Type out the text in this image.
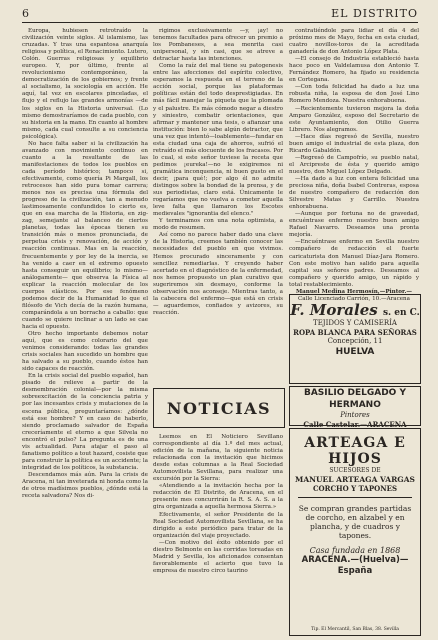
6	EL DISTRITO

Europa, hubiesen retrotraído la civilización veinte siglos. Al islamismo, las cruzadas. Y tras una espantosa anarquía religiosa y política, el Renacimiento. Lutero, Colón. Guerras religiosas y equilibrio europeo. Y, por último, frente al revolucionismo contemporáneo, la democratización de los gobiernos; y frente al socialismo, la sociología en acción. He aquí, tal vez en escolares pinceladas, el flujo y el reflujo las grandes armonías —de los siglos en la Historia universal. (Lo mismo demostraríamos de cada pueblo, con su historia en la mano. En cuanto al hombre mismo, cada cual consulte a su conciencia psicológica).

No hace falta saber si la civilización ha avanzado con movimiento continuo en cuanto a la resultante de las manifestaciones de todos los pueblos en cada período histórico; tampoco si, efectivamente, como quería Pi Margall, los retrocesos han sido pura tomar carrera; menos nos es precisa una fórmula del progreso de la civilización, tan a menudo lastimosamente confundidos lo cierto es, que en esa marcha de la Historia, en zig-zag, semejante al balanceo de ciertos planetas, todas las épocas tienen su transición más o menos pronunciada, de perpetua crisis y renovación, de acción y reacción continuas. Mas en la reacción, frecuentemente y por ley de la inercia, se ha venido a caer en el extremo opuesto hasta conseguir un equilibrio; lo mismo—análogamente— que observa la Física al explicar la reacción molecular de los cuerpos elásticos. Por ese fenómeno podemos decir de la Humanidad lo que el filósofo de Vich decía de la razón humana, comparándola a un borracho a caballo: que cuando se quiere inclinar a un lado se cae hacia el opuesto.

Otro hecho importante debemos notar aquí, que es como colorario del que venimos considerando: todas las grandes crisis sociales han sucedido un hombre que ha salvado a su pueblo, cuando éstos han sido capaces de reacción.

En la crisis social del pueblo español, han pisado de relieve a partir de la desmembración colonial—por la misma sobreexcitación de la conciencia patria y por las incesantes crisis y mutaciones de la escena pública, preguntaríamos: ¿dónde está ese hombre? Y en caso de haberlo, siendo proclamado salvador de España creceríamente el eterno a que Silvela no encontró el pulso? La pregunta es de una vis actualidad. Para atajar el paso al fanatismo político a tout hazard, cosiste que para construir la política es un accidente; la integridad de los políticos, la substancia.

Descendamos más aún. Para la crisis de Aracena, ni tan inveterada ni honda como la de otros madísimos pueblos, ¿dónde está la receta salvadora? Nos di-

rigimos exclusivamente —y, ¡ay! no tenemos facultades para ofrecer un premio a los Pombaneses, a sea menrita casi unipersonal, y sin casi, que se atreve a detractar hasta las intenciones.

Como la raíz del mal tiene su patogenesis entre las afecciones del espíritu colectivo, esperamos la respuesta en el terreno de la acción social, porque las plataformas políticas están del todo desprestigiadas. En más fácil manejar la piqueta que la plomada y el palustre. Es más cómodo negar a diestro y siniestro, combatir orientaciones, que afirmar y mantener una tesis, o afianzar una institución: bien lo sabe algún detractor, que una vez que intentó—loablemente—fundar en esta ciudad una caja de ahorros, sufrió el retraído el más elocuente de los fracasos. Por lo cual, si este señor tuviese la receta que pedimos ¡eureka!—no le exigiremos ni gramática inconquencia, ni buen gusto en el decir, ¡para qué!; por algo él no admite distingos sobre la bondad de la prensa, y de sus periodistas, claro está. Únicamente le rogaríamos que no vuelva a cometer aquella leve falta que llamaron los Escotes medievales "ignorantia del elenco."

Y terminamos con una nota optimista, a modo de resumen.

Así como no parece haber dado una clave de la Historia, creemos también conocer las necesidades del pueblo en que vivimos. Hemos procurado sinceramente y con sencillez remediarlas. Y creyendo haber acertado en el diagnóstico de la enfermedad, nos hemos propuesto un plan curativo que sugeriremos sin desmayo, conforme la observación nos aconseje. Mientras tanto, a la cabecera del enfermo—que está en crisis — aguardemos, confiados y avizores, su reacción.

contratiéndole para lidiar el día 4 del próximo mes de Mayo, fecha en esta ciudad, cuatro novillos-toros de la acreditada ganadería de don Antonio López Plata.

—El consejo de Industria estableció hasta hace poco en Valdelamusa don Antonio T. Fernández Romero, ha fijado su residencia en Cortegana.

—Con toda felicidad ha dado a luz una robusta niña, la esposa de don José Lino Romero Mendoza. Nuestra enhorabuena.

—Recientemente tuvieron mejora la doña Amparo González, esposo del Secretario de este Ayuntamiento, don Otilio Guerra Librero. Nos alegramos.

—Hace días regresó de Sevilla, nuestro buen amigo el industrial de esta plaza, don Ricardo Gabaldón.

—Regresó de Campofrío, su pueblo natal, el Arcipreste de ésta y querido amigo nuestro, don Miguel López Delgado.

—Ha dado a luz con entera felicidad una preciosa niña, doña Isabel Contreras, esposa de nuestro compañero de redacción don Silvestre Matas y Carrillo. Nuestra enhorabuena.

—Aunque por fortuna no de gravedad, encuéntrase enfermo nuestro buen amigo Rafael Navarro. Deseamos una pronta mejoría.

—Encuéntrase enfermo en Sevilla nuestro compañero de redacción el fuerte caricaturista don Manuel Díaz-Jara Romero. Con este motivo han salido para aquella capital sus señores padres. Deseamos al compañero y querido amigo, un rápido y total restablecimiento.

Manuel Medina Hermosín,—Pintor.—

Calle Licenciado Carrión, 10.—Aracena

NOTICIAS

Leemos en El Noticiero Sevillano correspondiente al día 1.º del mes actual, edición de la mañana, la siguiente noticia relacionada con la invitación que hicimos desde estas columnas a la Real Sociedad Automovilista Sevillana, para realizar una excursión por la Sierra:

«Atendiendo a la invitación hecha por la redacción de El Distrito, de Aracena, en el presente mes concurrirán la R. S. A. S. a la gira organizada a aquella hermosa Sierra.»

Efectivamente, el señor Presidente de la Real Sociedad Automovilista Sevillana, se ha dirigido a este periódico para tratar de la organización del viaje proyectado.

—Con motivo del éxito obtenido por el diestro Belmonte en las corridas toreadas en Madrid y Sevilla, los aficionados consentan favorablemente el acierto que tuvo la empresa de nuestro circo taurino

F. Morales s. en C.
TEJIDOS Y CAMISERÍA
ROPA BLANCA PARA SEÑORAS
Concepción, 11
HUELVA
BASILIO DELGADO Y HERMANO
Pintores
Calle Castelar.—ARACENA
ARTEAGA E HIJOS
SUCESORES DE
MANUEL ARTEAGA VARGAS
CORCHO Y TAPONES

Se compran grandes partidas de corcho, en alzabel y en plancha, y de cuadros y tapones.

Casa fundada en 1868
ARACENA.—(Huelva)—España
Tip. El Mercantil, San Blas, 38. Sevilla
